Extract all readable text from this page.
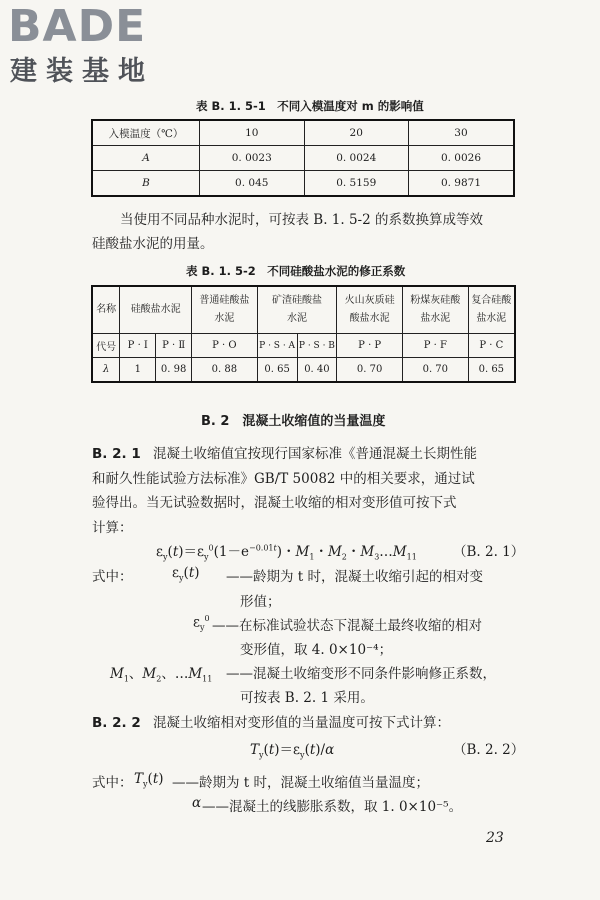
BADE
建装基地
表 B. 1. 5-1　不同入模温度对 m 的影响值
入模温度（℃）	10	20	30
A	0. 0023	0. 0024	0. 0026
B	0. 045	0. 5159	0. 9871
当使用不同品种水泥时，可按表 B. 1. 5-2 的系数换算成等效
硅酸盐水泥的用量。
表 B. 1. 5-2　不同硅酸盐水泥的修正系数
名称	硅酸盐水泥		普通硅酸盐水泥	矿渣硅酸盐水泥		火山灰质硅酸盐水泥	粉煤灰硅酸盐水泥	复合硅酸盐水泥
代号	P · Ⅰ	P · Ⅱ	P · O	P · S · A	P · S · B	P · P	P · F	P · C
λ	1	0. 98	0. 88	0. 65	0. 40	0. 70	0. 70	0. 65
B. 2　混凝土收缩值的当量温度
B. 2. 1 混凝土收缩值宜按现行国家标准《普通混凝土长期性能
和耐久性能试验方法标准》GB/T 50082 中的相关要求，通过试
验得出。当无试验数据时，混凝土收缩的相对变形值可按下式
计算：
$\varepsilon_y(t)=\varepsilon_y^0(1-e^{-0.01t})$・$M_1$・$M_2$・$M_3\dots M_{11}$	（B. 2. 1）
式中：	$\varepsilon_y(t)$ ——龄期为 t 时，混凝土收缩引起的相对变
形值；
$\varepsilon_y^0$ ——在标准试验状态下混凝土最终收缩的相对
变形值，取 4. 0×10⁻⁴；
$M_1$、$M_2$、$\dots M_{11}$ ——混凝土收缩变形不同条件影响修正系数，
可按表 B. 2. 1 采用。
B. 2. 2 混凝土收缩相对变形值的当量温度可按下式计算：
$T_y(t)=\varepsilon_y(t)/\alpha$	（B. 2. 2）
式中： $T_y(t)$ ——龄期为 t 时，混凝土收缩值当量温度；
α ——混凝土的线膨胀系数，取 1. 0×10⁻⁵。
23
